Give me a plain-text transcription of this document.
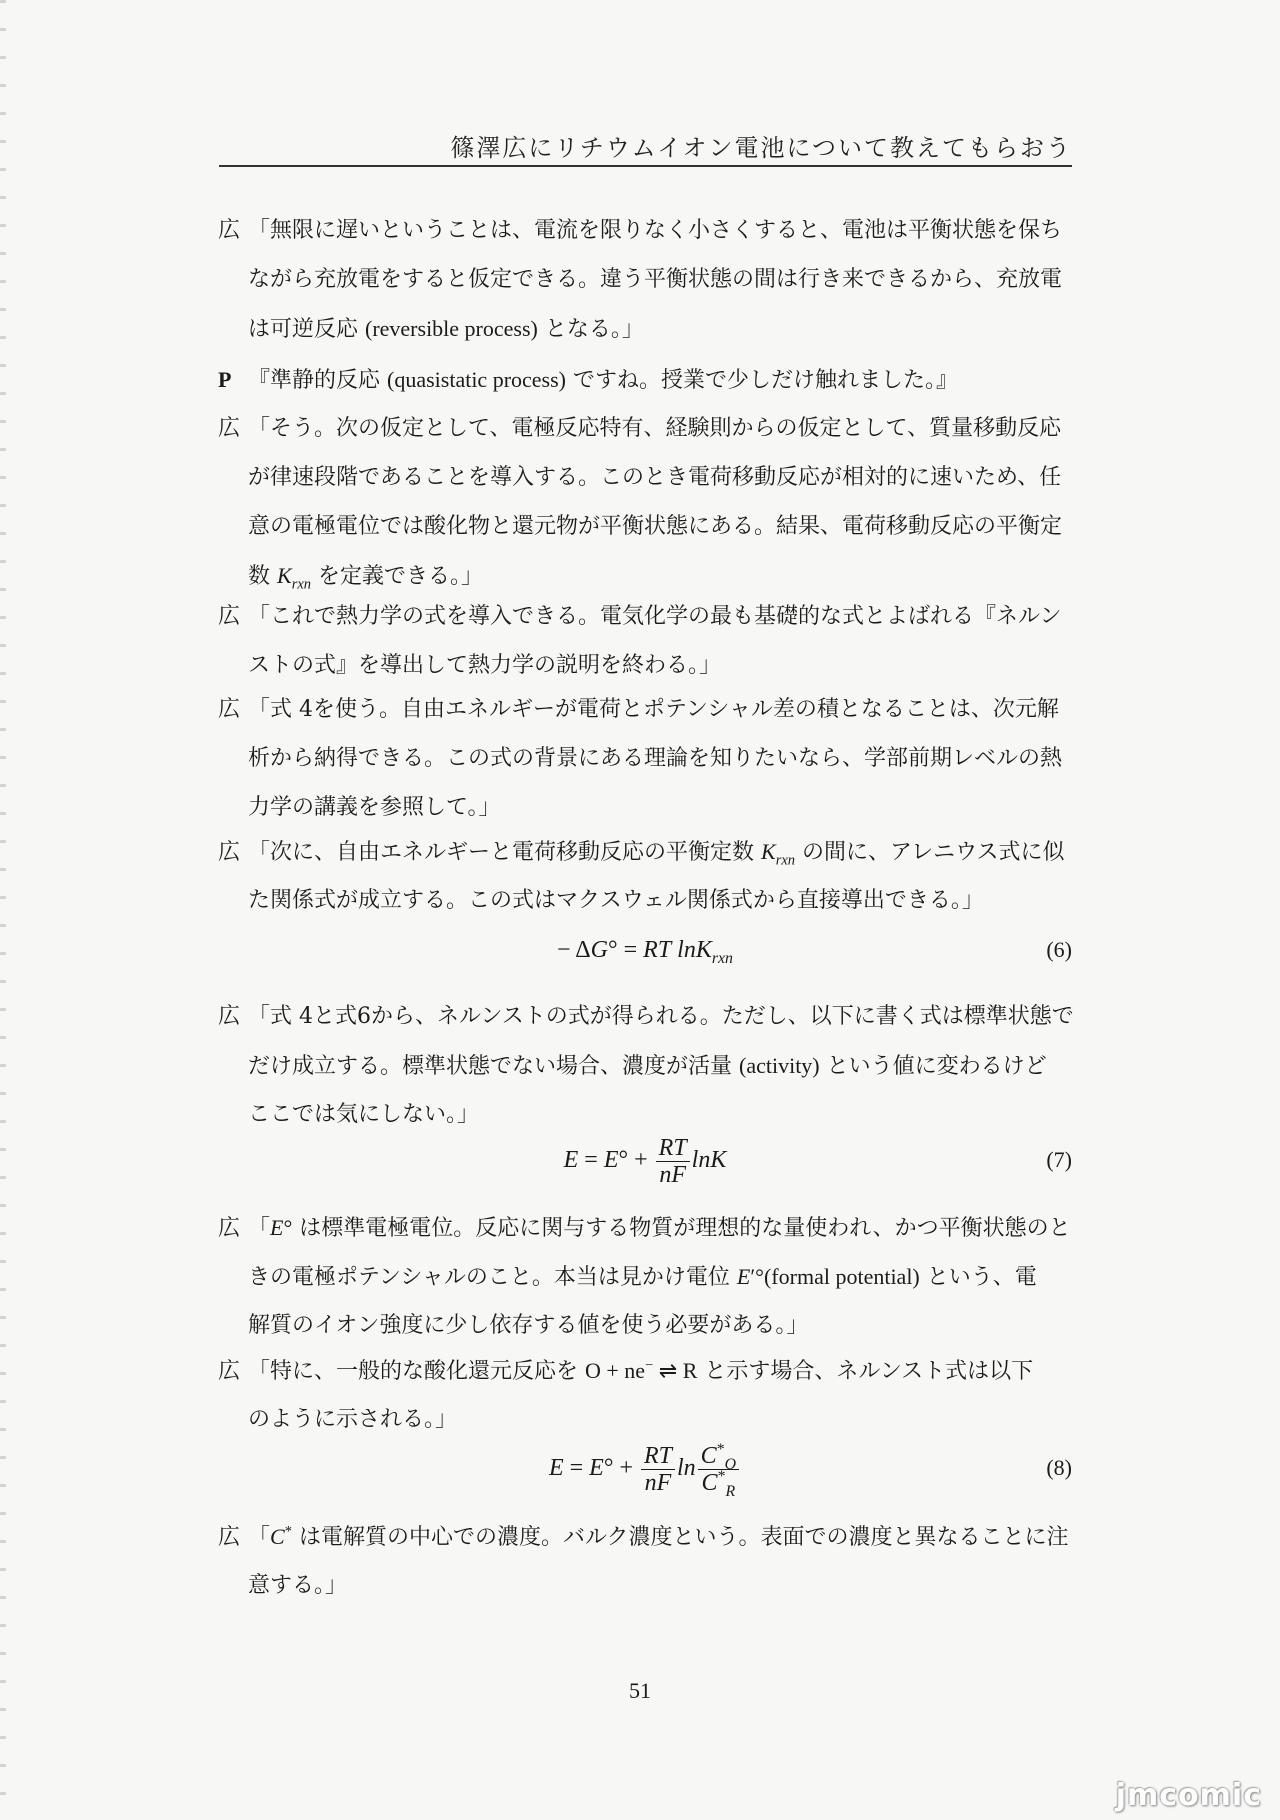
篠澤広にリチウムイオン電池について教えてもらおう
広 「無限に遅いということは、電流を限りなく小さくすると、電池は平衡状態を保ち
ながら充放電をすると仮定できる。違う平衡状態の間は行き来できるから、充放電
は可逆反応 (reversible process) となる。」
P 『準静的反応 (quasistatic process) ですね。授業で少しだけ触れました。』
広 「そう。次の仮定として、電極反応特有、経験則からの仮定として、質量移動反応
が律速段階であることを導入する。このとき電荷移動反応が相対的に速いため、任
意の電極電位では酸化物と還元物が平衡状態にある。結果、電荷移動反応の平衡定
数 $K_{rxn}$ を定義できる。」
広 「これで熱力学の式を導入できる。電気化学の最も基礎的な式とよばれる『ネルン
ストの式』を導出して熱力学の説明を終わる。」
広 「式 4を使う。自由エネルギーが電荷とポテンシャル差の積となることは、次元解
析から納得できる。この式の背景にある理論を知りたいなら、学部前期レベルの熱
力学の講義を参照して。」
広 「次に、自由エネルギーと電荷移動反応の平衡定数 $K_{rxn}$ の間に、アレニウス式に似
た関係式が成立する。この式はマクスウェル関係式から直接導出できる。」
− ΔG° = RT lnK$_{rxn}$	(6)
広 「式 4と式6から、ネルンストの式が得られる。ただし、以下に書く式は標準状態で
だけ成立する。標準状態でない場合、濃度が活量 (activity) という値に変わるけど
ここでは気にしない。」
$E = E^\circ + \frac{RT}{nF}$ lnK	(7)
広 「E° は標準電極電位。反応に関与する物質が理想的な量使われ、かつ平衡状態のと
きの電極ポテンシャルのこと。本当は見かけ電位 E′°(formal potential) という、電
解質のイオン強度に少し依存する値を使う必要がある。」
広 「特に、一般的な酸化還元反応を O + ne− ⇌ R と示す場合、ネルンスト式は以下
のように示される。」
$E = E^\circ + \frac{RT}{nF}$ $\ln \frac{C^*_O}{C^*_R}$	(8)
広 「C* は電解質の中心での濃度。バルク濃度という。表面での濃度と異なることに注
意する。」
51
jmcomic
